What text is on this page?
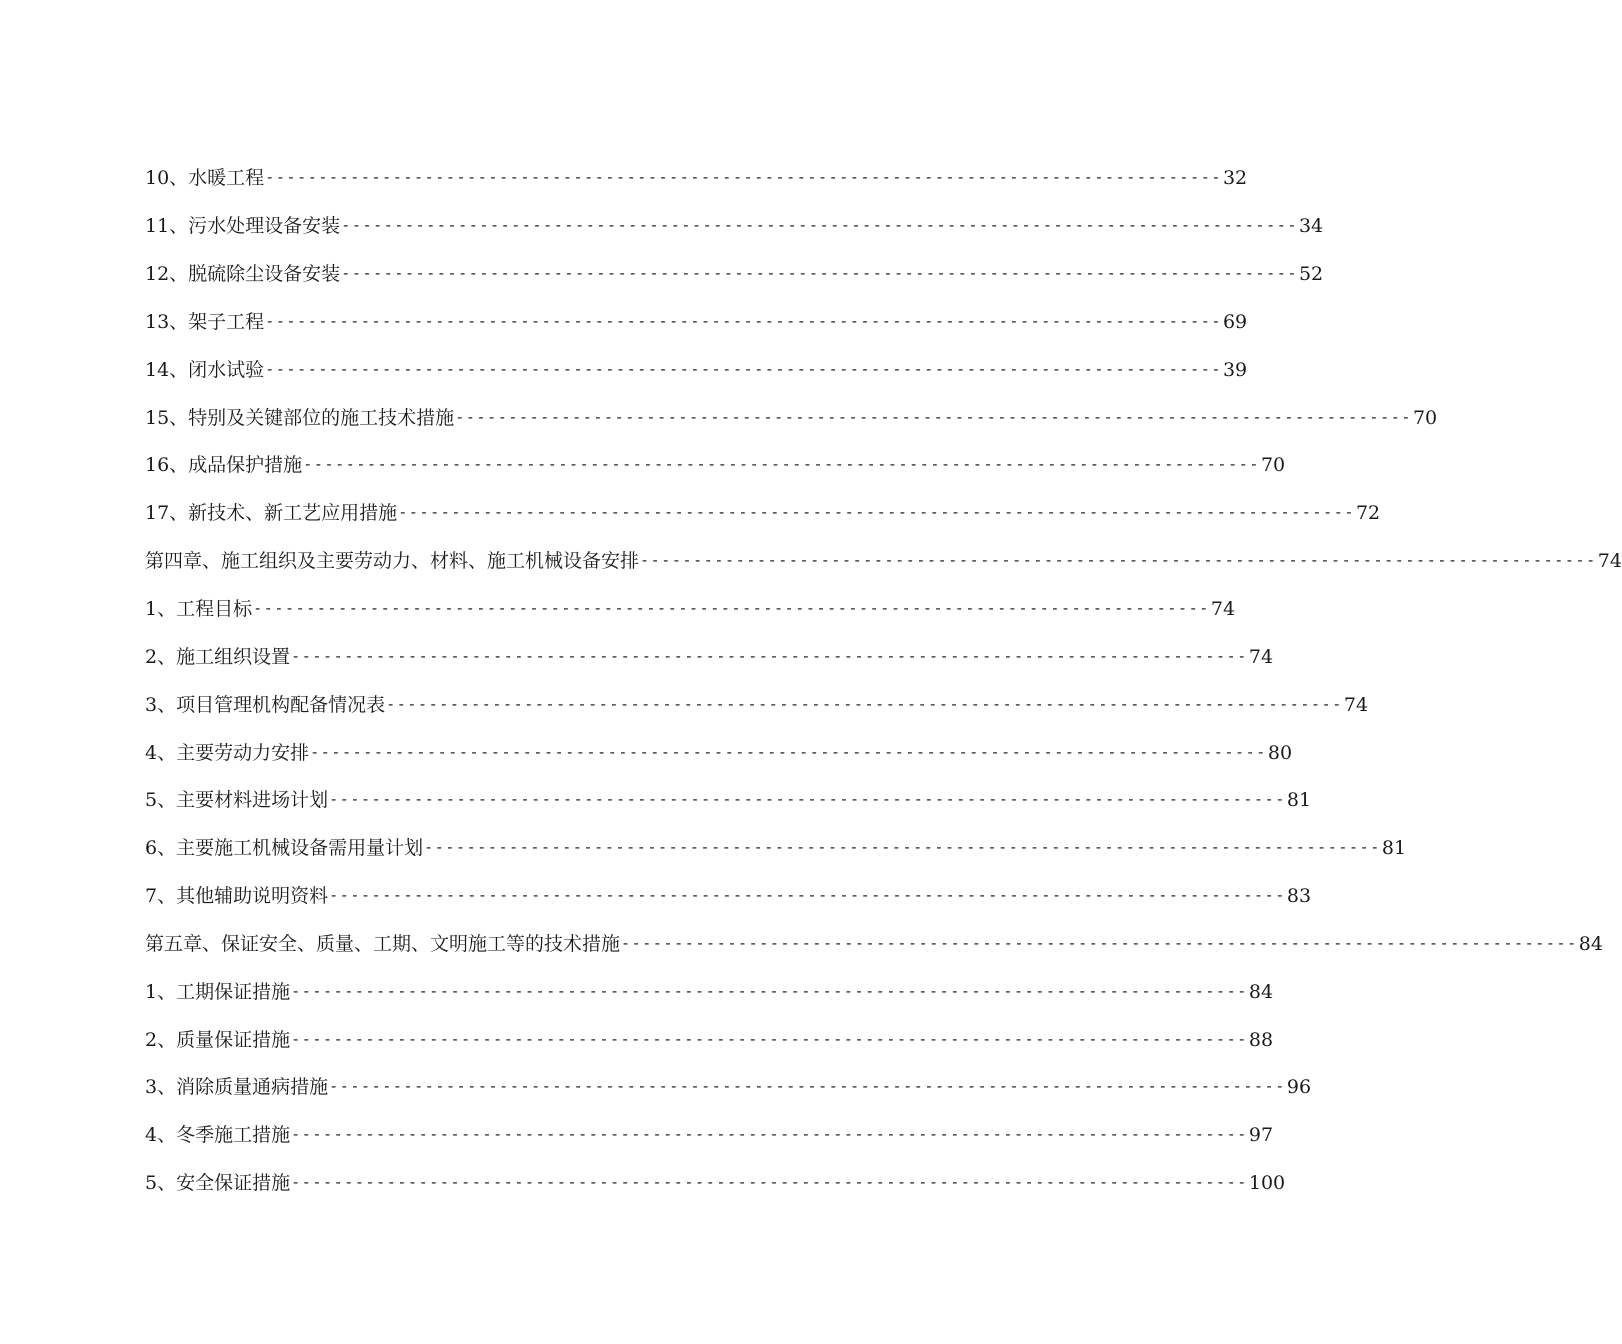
10、水暖工程 ------------------------------------------------------------------------------------------ 32
11、污水处理设备安装 ------------------------------------------------------------------------------------------ 34
12、脱硫除尘设备安装 ------------------------------------------------------------------------------------------ 52
13、架子工程 ------------------------------------------------------------------------------------------ 69
14、闭水试验 ------------------------------------------------------------------------------------------ 39
15、特别及关键部位的施工技术措施 ------------------------------------------------------------------------------------------ 70
16、成品保护措施 ------------------------------------------------------------------------------------------ 70
17、新技术、新工艺应用措施 ------------------------------------------------------------------------------------------ 72
第四章、施工组织及主要劳动力、材料、施工机械设备安排 ------------------------------------------------------------------------------------------ 74
1、工程目标 ------------------------------------------------------------------------------------------ 74
2、施工组织设置 ------------------------------------------------------------------------------------------ 74
3、项目管理机构配备情况表 ------------------------------------------------------------------------------------------ 74
4、主要劳动力安排 ------------------------------------------------------------------------------------------ 80
5、主要材料进场计划 ------------------------------------------------------------------------------------------ 81
6、主要施工机械设备需用量计划 ------------------------------------------------------------------------------------------ 81
7、其他辅助说明资料 ------------------------------------------------------------------------------------------ 83
第五章、保证安全、质量、工期、文明施工等的技术措施 ------------------------------------------------------------------------------------------ 84
1、工期保证措施 ------------------------------------------------------------------------------------------ 84
2、质量保证措施 ------------------------------------------------------------------------------------------ 88
3、消除质量通病措施 ------------------------------------------------------------------------------------------ 96
4、冬季施工措施 ------------------------------------------------------------------------------------------ 97
5、安全保证措施 ------------------------------------------------------------------------------------------ 100
